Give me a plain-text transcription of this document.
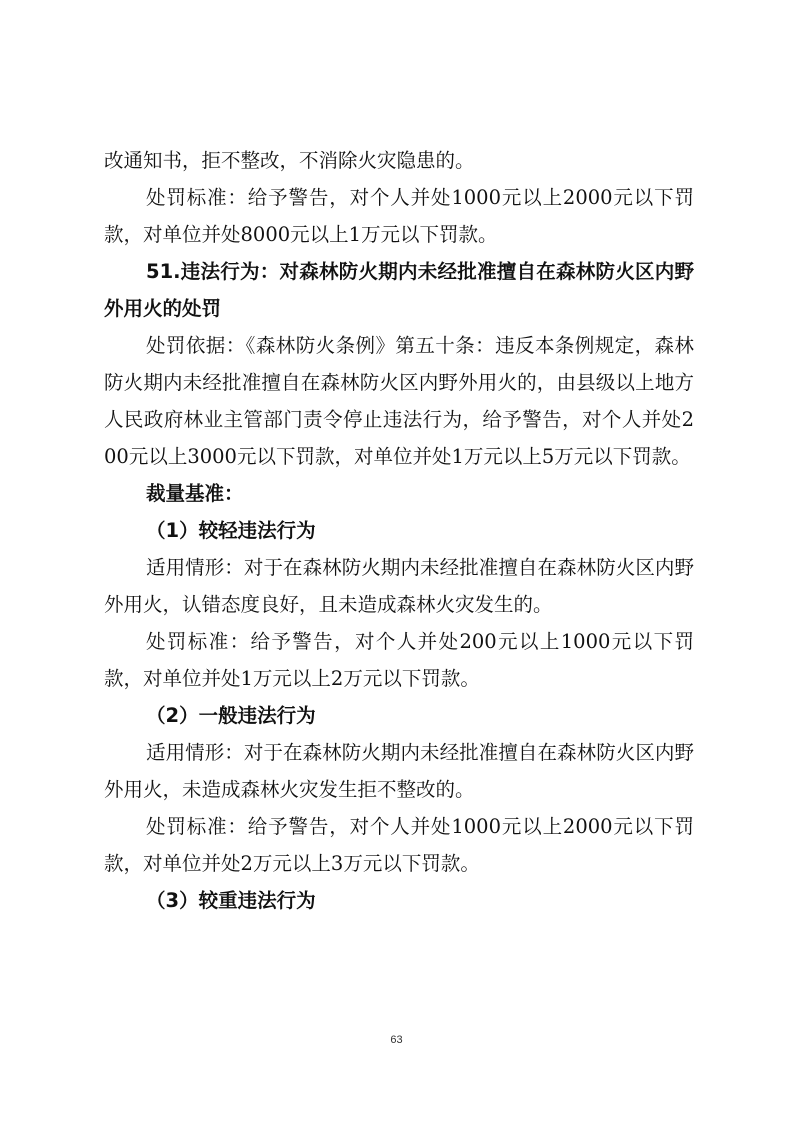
改通知书，拒不整改，不消除火灾隐患的。

处罚标准：给予警告，对个人并处1000元以上2000元以下罚款，对单位并处8000元以上1万元以下罚款。

51.违法行为：对森林防火期内未经批准擅自在森林防火区内野外用火的处罚

处罚依据：《森林防火条例》第五十条：违反本条例规定，森林防火期内未经批准擅自在森林防火区内野外用火的，由县级以上地方人民政府林业主管部门责令停止违法行为，给予警告，对个人并处200元以上3000元以下罚款，对单位并处1万元以上5万元以下罚款。

裁量基准：

（1）较轻违法行为

适用情形：对于在森林防火期内未经批准擅自在森林防火区内野外用火，认错态度良好，且未造成森林火灾发生的。

处罚标准：给予警告，对个人并处200元以上1000元以下罚款，对单位并处1万元以上2万元以下罚款。

（2）一般违法行为

适用情形：对于在森林防火期内未经批准擅自在森林防火区内野外用火，未造成森林火灾发生拒不整改的。

处罚标准：给予警告，对个人并处1000元以上2000元以下罚款，对单位并处2万元以上3万元以下罚款。

（3）较重违法行为

63
